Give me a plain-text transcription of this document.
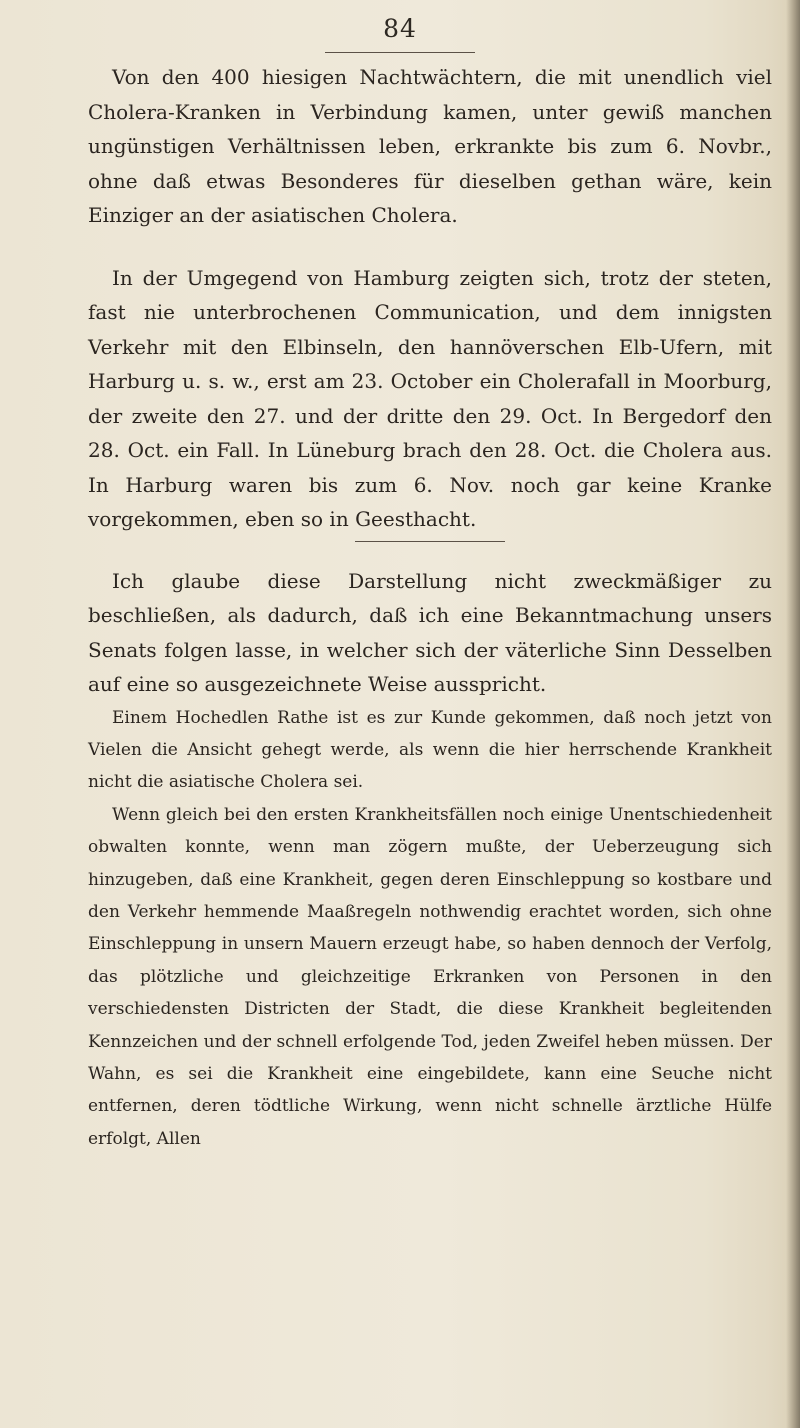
84

Von den 400 hiesigen Nachtwächtern, die mit unendlich viel Cholera-Kranken in Verbindung kamen, unter gewiß manchen ungünstigen Verhältnissen leben, erkrankte bis zum 6. Novbr., ohne daß etwas Besonderes für dieselben gethan wäre, kein Einziger an der asiatischen Cholera.

In der Umgegend von Hamburg zeigten sich, trotz der steten, fast nie unterbrochenen Communication, und dem innigsten Verkehr mit den Elbinseln, den hannöverschen Elb-Ufern, mit Harburg u. s. w., erst am 23. October ein Cholerafall in Moorburg, der zweite den 27. und der dritte den 29. Oct. In Bergedorf den 28. Oct. ein Fall. In Lüneburg brach den 28. Oct. die Cholera aus. In Harburg waren bis zum 6. Nov. noch gar keine Kranke vorgekommen, eben so in Geesthacht.

Ich glaube diese Darstellung nicht zweckmäßiger zu beschließen, als dadurch, daß ich eine Bekanntmachung unsers Senats folgen lasse, in welcher sich der väterliche Sinn Desselben auf eine so ausgezeichnete Weise ausspricht.

Einem Hochedlen Rathe ist es zur Kunde gekommen, daß noch jetzt von Vielen die Ansicht gehegt werde, als wenn die hier herrschende Krankheit nicht die asiatische Cholera sei.

Wenn gleich bei den ersten Krankheitsfällen noch einige Unentschiedenheit obwalten konnte, wenn man zögern mußte, der Ueberzeugung sich hinzugeben, daß eine Krankheit, gegen deren Einschleppung so kostbare und den Verkehr hemmende Maaßregeln nothwendig erachtet worden, sich ohne Einschleppung in unsern Mauern erzeugt habe, so haben dennoch der Verfolg, das plötzliche und gleichzeitige Erkranken von Personen in den verschiedensten Districten der Stadt, die diese Krankheit begleitenden Kennzeichen und der schnell erfolgende Tod, jeden Zweifel heben müssen. Der Wahn, es sei die Krankheit eine eingebildete, kann eine Seuche nicht entfernen, deren tödtliche Wirkung, wenn nicht schnelle ärztliche Hülfe erfolgt, Allen
